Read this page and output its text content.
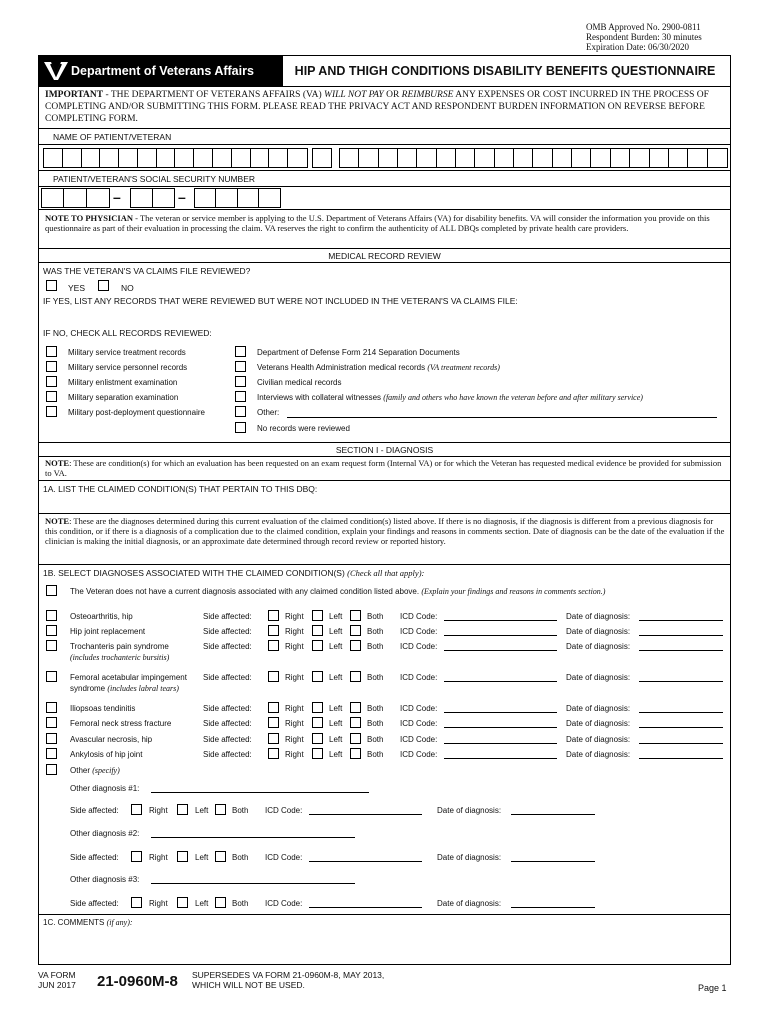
OMB Approved No. 2900-0811
Respondent Burden: 30 minutes
Expiration Date: 06/30/2020
Department of Veterans Affairs	HIP AND THIGH CONDITIONS DISABILITY BENEFITS QUESTIONNAIRE
IMPORTANT - THE DEPARTMENT OF VETERANS AFFAIRS (VA) WILL NOT PAY OR REIMBURSE ANY EXPENSES OR COST INCURRED IN THE PROCESS OF COMPLETING AND/OR SUBMITTING THIS FORM. PLEASE READ THE PRIVACY ACT AND RESPONDENT BURDEN INFORMATION ON REVERSE BEFORE COMPLETING FORM.
NAME OF PATIENT/VETERAN
PATIENT/VETERAN'S SOCIAL SECURITY NUMBER
–	–
NOTE TO PHYSICIAN - The veteran or service member is applying to the U.S. Department of Veterans Affairs (VA) for disability benefits. VA will consider the information you provide on this questionnaire as part of their evaluation in processing the claim. VA reserves the right to confirm the authenticity of ALL DBQs completed by private health care providers.
MEDICAL RECORD REVIEW
WAS THE VETERAN'S VA CLAIMS FILE REVIEWED?
YES	NO
IF YES, LIST ANY RECORDS THAT WERE REVIEWED BUT WERE NOT INCLUDED IN THE VETERAN'S VA CLAIMS FILE:
IF NO, CHECK ALL RECORDS REVIEWED:
Military service treatment records
Military service personnel records
Military enlistment examination
Military separation examination
Military post-deployment questionnaire
Department of Defense Form 214 Separation Documents
Veterans Health Administration medical records (VA treatment records)
Civilian medical records
Interviews with collateral witnesses (family and others who have known the veteran before and after military service)
Other:
No records were reviewed
SECTION I - DIAGNOSIS
NOTE: These are condition(s) for which an evaluation has been requested on an exam request form (Internal VA) or for which the Veteran has requested medical evidence be provided for submission to VA.
1A. LIST THE CLAIMED CONDITION(S) THAT PERTAIN TO THIS DBQ:
NOTE: These are the diagnoses determined during this current evaluation of the claimed condition(s) listed above. If there is no diagnosis, if the diagnosis is different from a previous diagnosis for this condition, or if there is a diagnosis of a complication due to the claimed condition, explain your findings and reasons in comments section. Date of diagnosis can be the date of the evaluation if the clinician is making the initial diagnosis, or an approximate date determined through record review or reported history.
1B. SELECT DIAGNOSES ASSOCIATED WITH THE CLAIMED CONDITION(S) (Check all that apply):
The Veteran does not have a current diagnosis associated with any claimed condition listed above. (Explain your findings and reasons in comments section.)
Osteoarthritis, hip	Side affected:	Right	Left	Both ICD Code:	Date of diagnosis:
Hip joint replacement	Side affected:	Right	Left	Both ICD Code:	Date of diagnosis:
Trochanteris pain syndrome
(includes trochanteric bursitis)
Side affected:	Right	Left	Both ICD Code:	Date of diagnosis:
Femoral acetabular impingement
syndrome (includes labral tears)
Side affected:	Right	Left	Both ICD Code:	Date of diagnosis:
Iliopsoas tendinitis	Side affected:	Right	Left	Both ICD Code:	Date of diagnosis:
Femoral neck stress fracture	Side affected:	Right	Left	Both ICD Code:	Date of diagnosis:
Avascular necrosis, hip	Side affected:	Right	Left	Both ICD Code:	Date of diagnosis:
Ankylosis of hip joint	Side affected:	Right	Left	Both ICD Code:	Date of diagnosis:
Other (specify)
Other diagnosis #1:
Side affected:	Right	Left	Both ICD Code:	Date of diagnosis:
Other diagnosis #2:
Side affected:	Right	Left	Both ICD Code:	Date of diagnosis:
Other diagnosis #3:
Side affected:	Right	Left	Both ICD Code:	Date of diagnosis:
1C. COMMENTS (if any):
VA FORM
JUN 2017 21-0960M-8 SUPERSEDES VA FORM 21-0960M-8, MAY 2013,
WHICH WILL NOT BE USED.	Page 1
